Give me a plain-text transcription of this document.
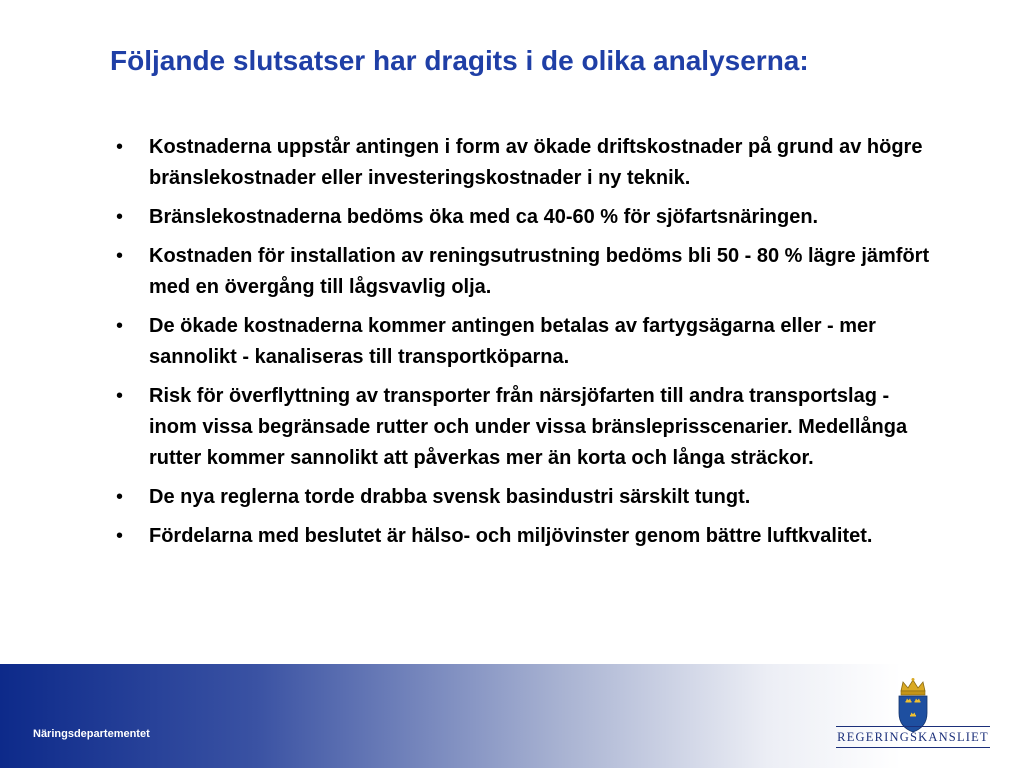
Följande slutsatser har dragits i de olika analyserna:
• Kostnaderna uppstår antingen i form av ökade driftskostnader på grund av högre bränslekostnader eller investeringskostnader i ny teknik.
• Bränslekostnaderna bedöms öka med ca 40-60 % för sjöfartsnäringen.
• Kostnaden för installation av reningsutrustning bedöms bli 50 - 80 % lägre jämfört med en övergång till lågsvavlig olja.
• De ökade kostnaderna kommer antingen betalas av fartygsägarna eller - mer sannolikt - kanaliseras till transportköparna.
• Risk för överflyttning av transporter från närsjöfarten till andra transportslag - inom vissa begränsade rutter och under vissa bränsleprisscenarier. Medellånga rutter kommer sannolikt att påverkas mer än korta och långa sträckor.
• De nya reglerna torde drabba svensk basindustri särskilt tungt.
• Fördelarna med beslutet är hälso- och miljövinster genom bättre luftkvalitet.
Näringsdepartementet	REGERINGSKANSLIET
